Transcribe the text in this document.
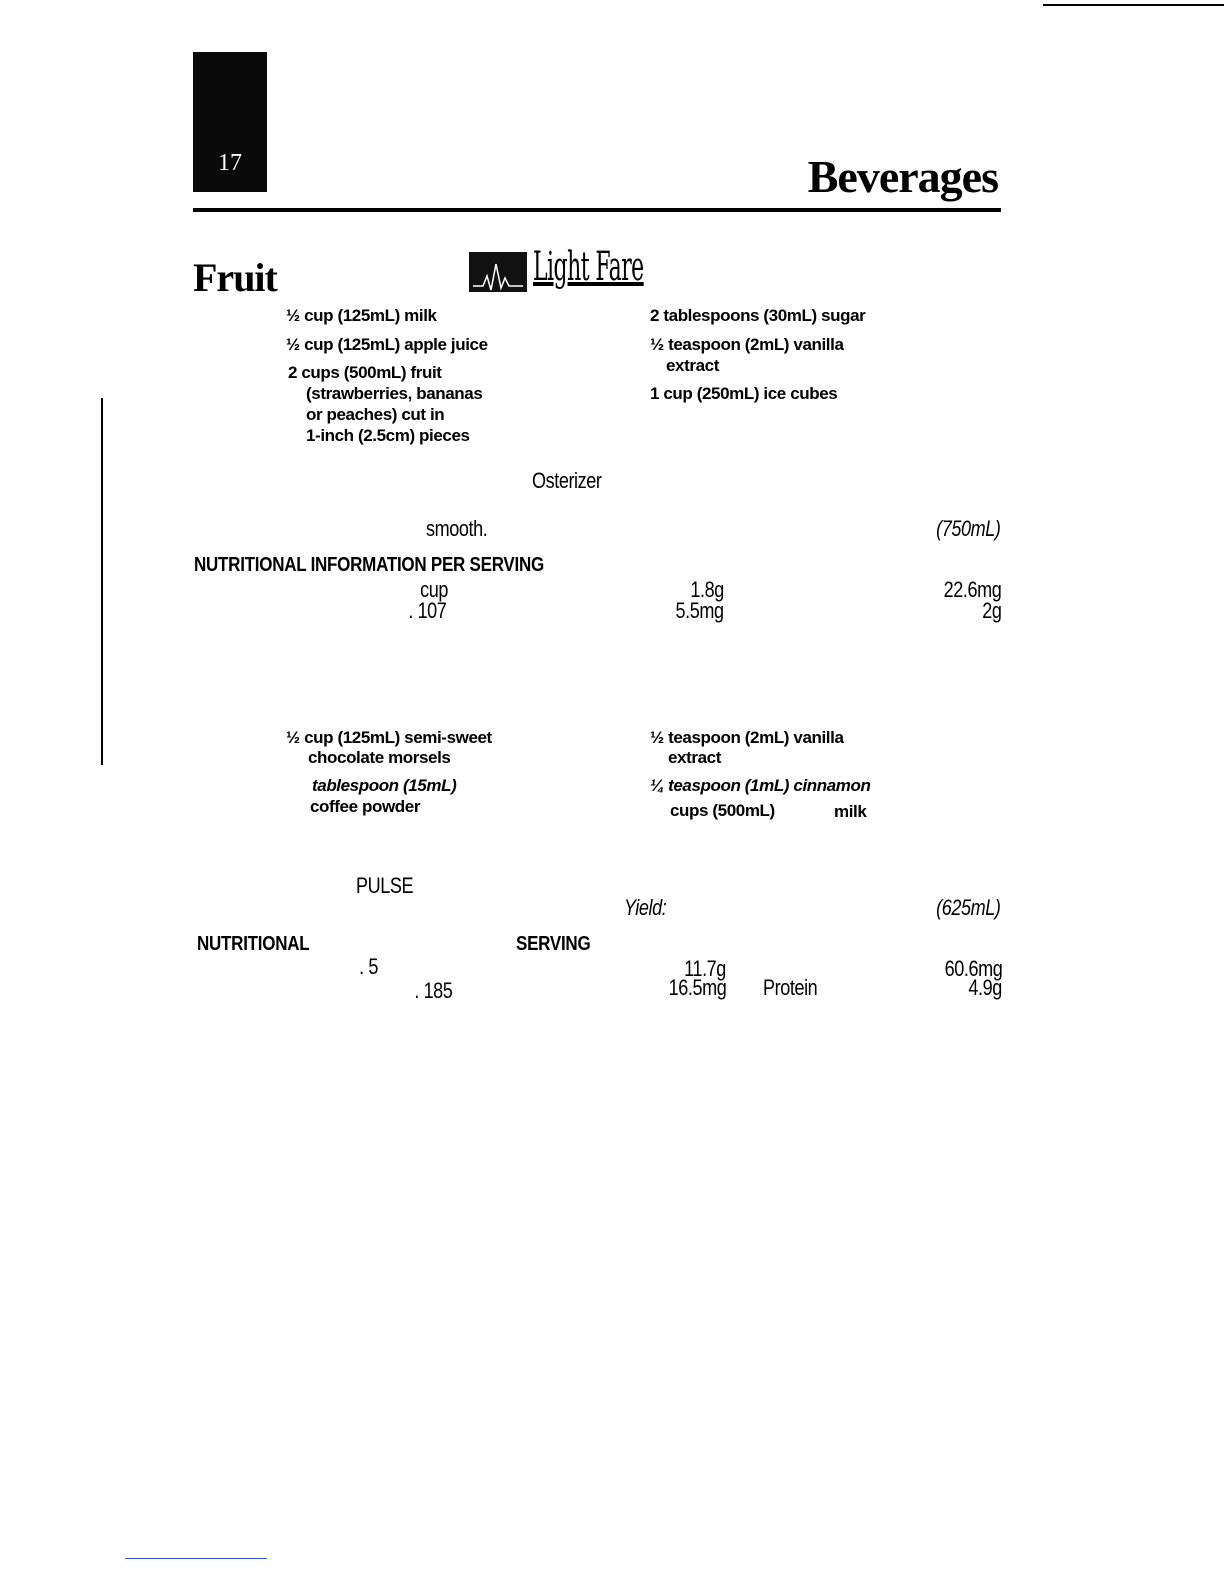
17	Beverages
Fruit	Light Fare
½ cup (125mL) milk
½ cup (125mL) apple juice
2 cups (500mL) fruit
(strawberries, bananas
or peaches) cut in
1-inch (2.5cm) pieces
2 tablespoons (30mL) sugar
½ teaspoon (2mL) vanilla
extract
1 cup (250mL) ice cubes
Osterizer
smooth.	(750mL)
NUTRITIONAL INFORMATION PER SERVING
cup	1.8g	22.6mg
. 107	5.5mg	2g
½ cup (125mL) semi-sweet
chocolate morsels
tablespoon (15mL)
coffee powder
½ teaspoon (2mL) vanilla
extract
¼ teaspoon (1mL) cinnamon
cups (500mL)	milk
PULSE
Yield:	(625mL)
NUTRITIONAL	SERVING
. 5	11.7g	60.6mg
. 185	16.5mg Protein	4.9g
